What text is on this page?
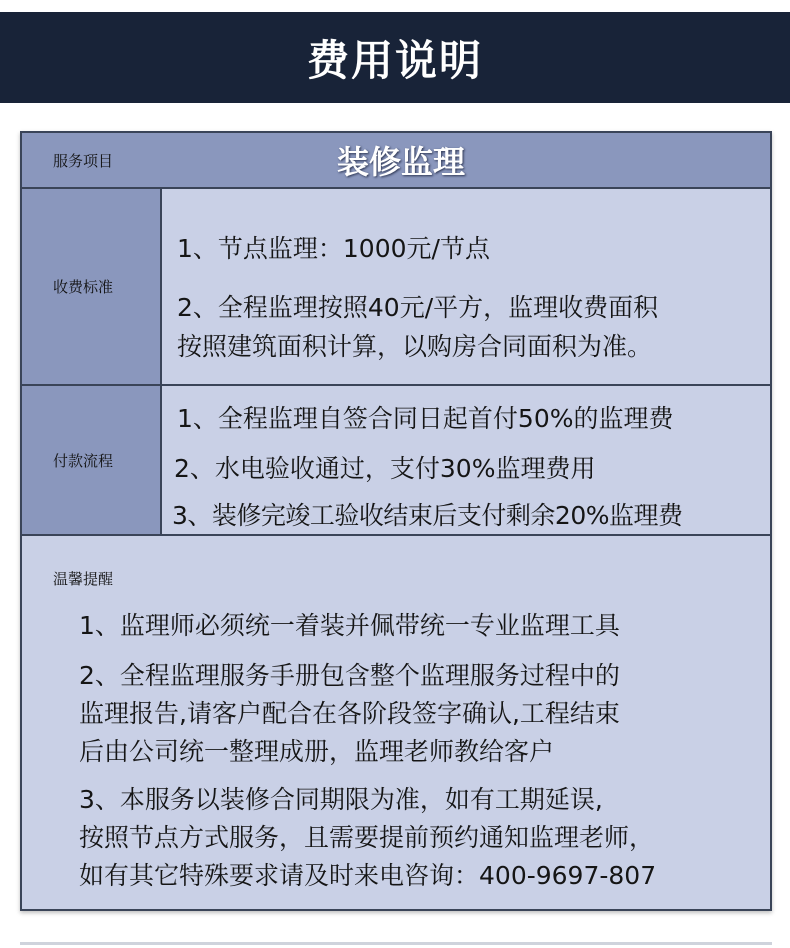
费用说明
服务项目	装修监理
收费标准
1、节点监理：1000元/节点
2、全程监理按照40元/平方，监理收费面积
按照建筑面积计算，以购房合同面积为准。
付款流程
1、全程监理自签合同日起首付50%的监理费
2、水电验收通过，支付30%监理费用
3、装修完竣工验收结束后支付剩余20%监理费
温馨提醒
1、监理师必须统一着装并佩带统一专业监理工具
2、全程监理服务手册包含整个监理服务过程中的
监理报告,请客户配合在各阶段签字确认,工程结束
后由公司统一整理成册，监理老师教给客户
3、本服务以装修合同期限为准，如有工期延误,
按照节点方式服务，且需要提前预约通知监理老师，
如有其它特殊要求请及时来电咨询：400-9697-807
